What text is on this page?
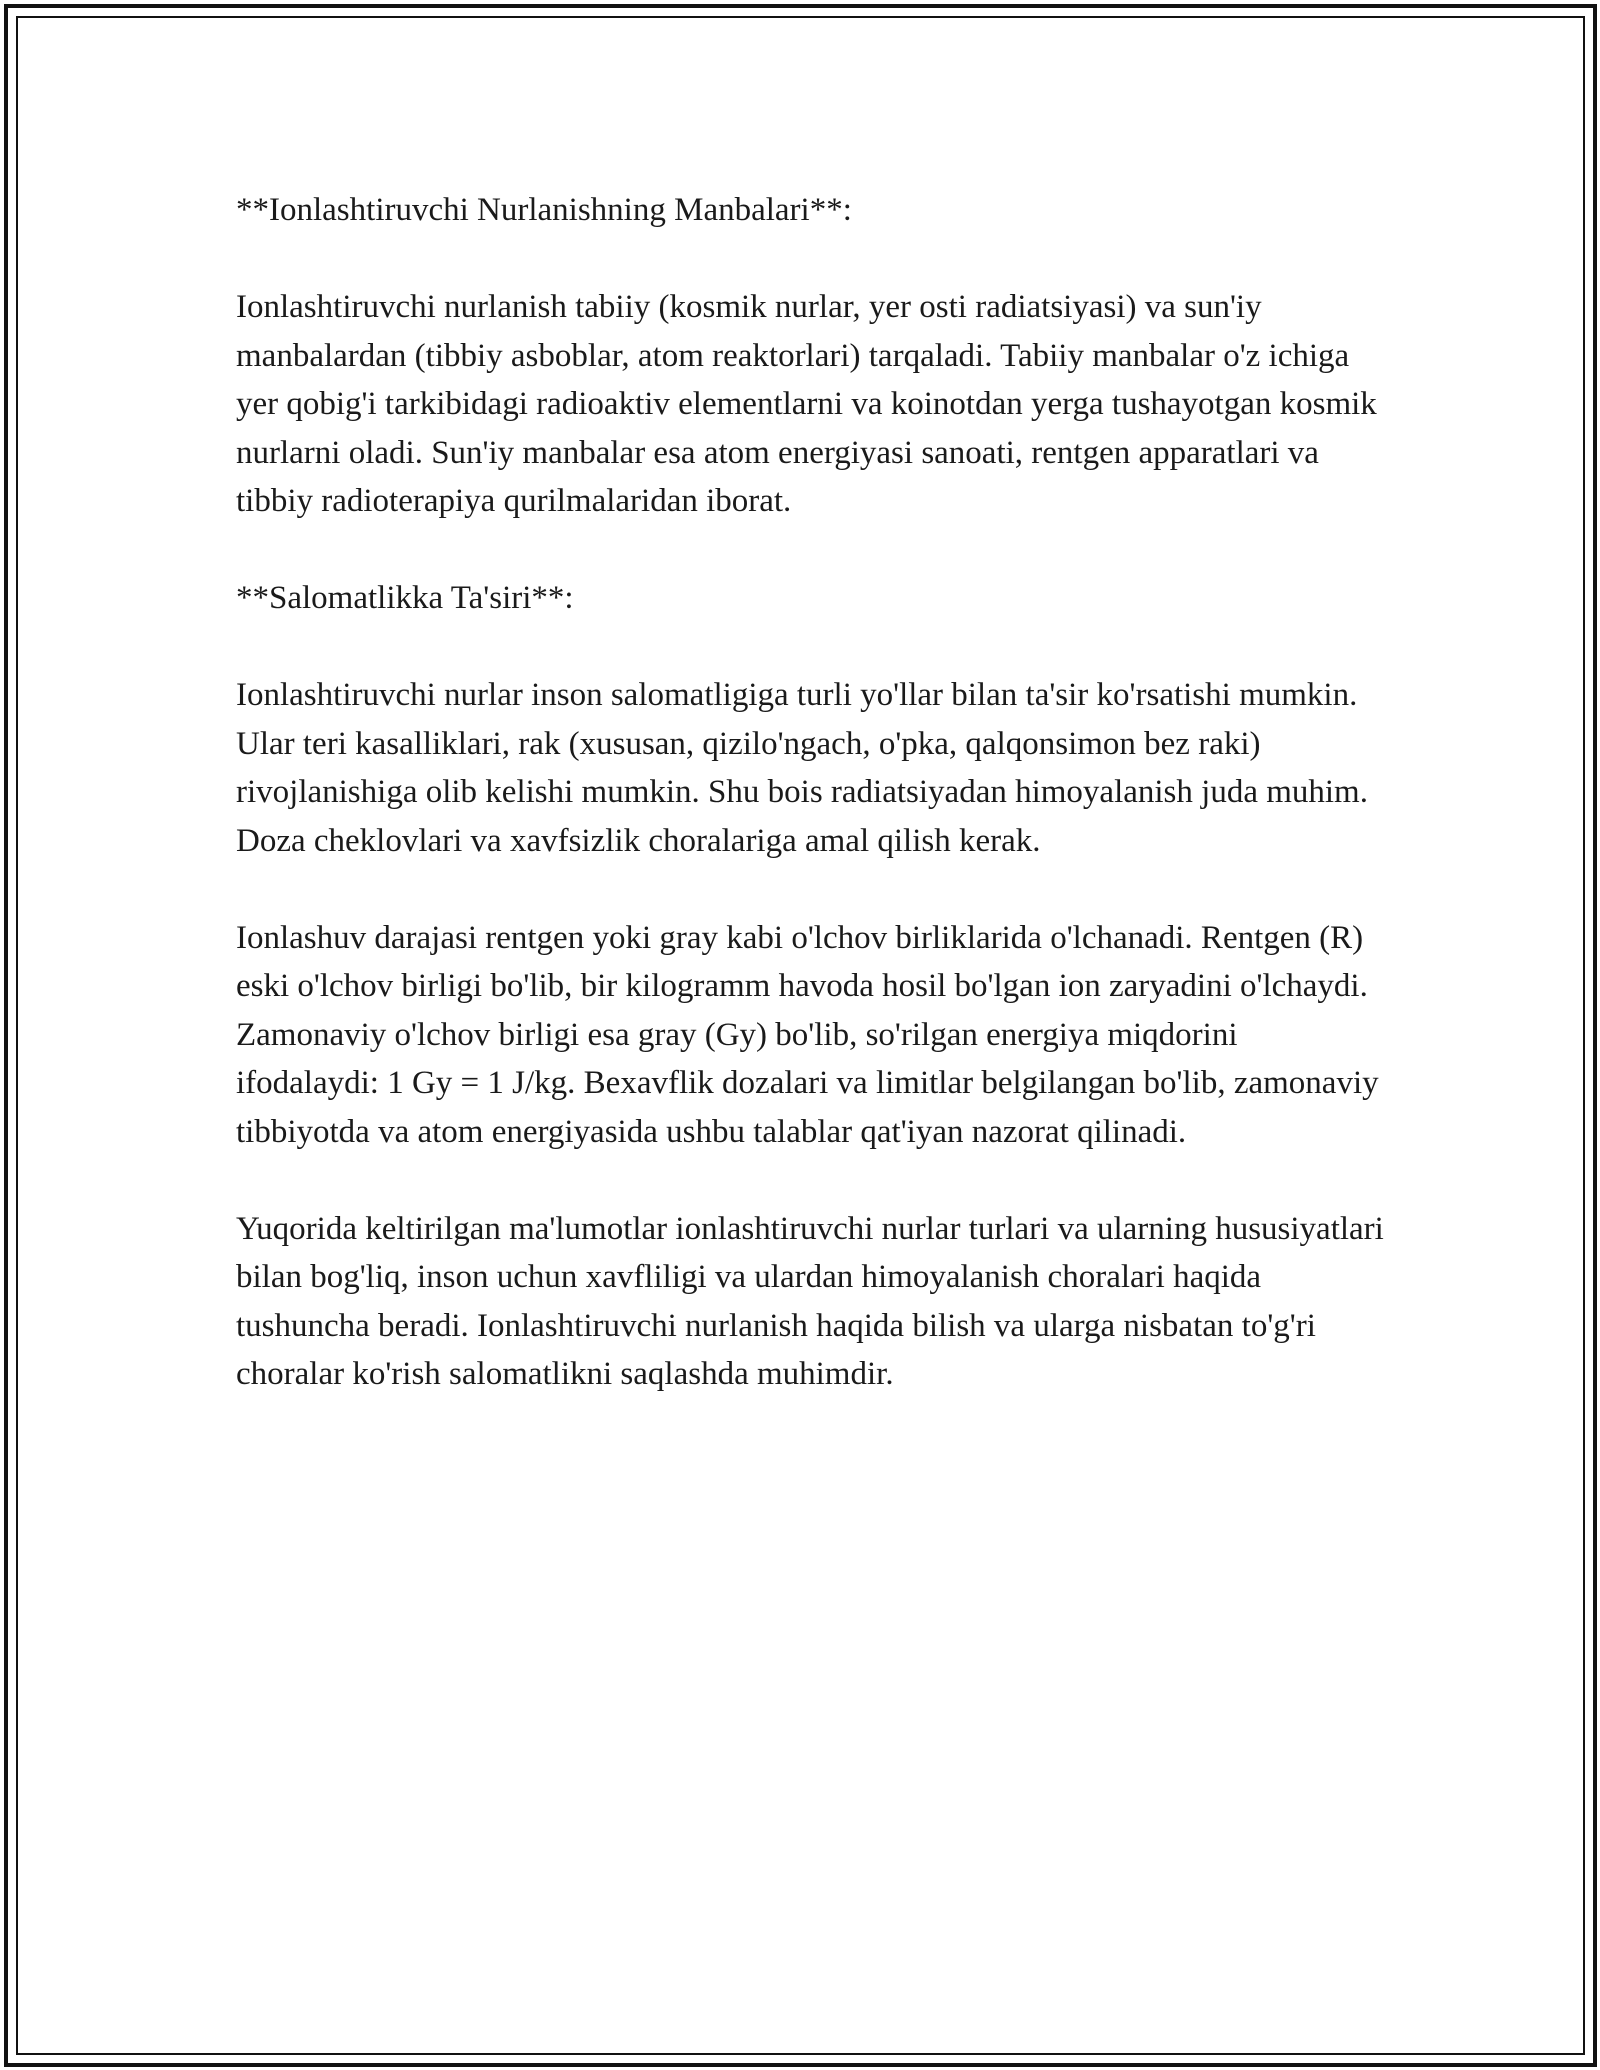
**Ionlashtiruvchi Nurlanishning Manbalari**:

Ionlashtiruvchi nurlanish tabiiy (kosmik nurlar, yer osti radiatsiyasi) va sun'iy manbalardan (tibbiy asboblar, atom reaktorlari) tarqaladi. Tabiiy manbalar o'z ichiga yer qobig'i tarkibidagi radioaktiv elementlarni va koinotdan yerga tushayotgan kosmik nurlarni oladi. Sun'iy manbalar esa atom energiyasi sanoati, rentgen apparatlari va tibbiy radioterapiya qurilmalaridan iborat.

**Salomatlikka Ta'siri**:

Ionlashtiruvchi nurlar inson salomatligiga turli yo'llar bilan ta'sir ko'rsatishi mumkin. Ular teri kasalliklari, rak (xususan, qizilo'ngach, o'pka, qalqonsimon bez raki) rivojlanishiga olib kelishi mumkin. Shu bois radiatsiyadan himoyalanish juda muhim. Doza cheklovlari va xavfsizlik choralariga amal qilish kerak.

Ionlashuv darajasi rentgen yoki gray kabi o'lchov birliklarida o'lchanadi. Rentgen (R) eski o'lchov birligi bo'lib, bir kilogramm havoda hosil bo'lgan ion zaryadini o'lchaydi. Zamonaviy o'lchov birligi esa gray (Gy) bo'lib, so'rilgan energiya miqdorini ifodalaydi: 1 Gy = 1 J/kg. Bexavflik dozalari va limitlar belgilangan bo'lib, zamonaviy tibbiyotda va atom energiyasida ushbu talablar qat'iyan nazorat qilinadi.

Yuqorida keltirilgan ma'lumotlar ionlashtiruvchi nurlar turlari va ularning hususiyatlari bilan bog'liq, inson uchun xavfliligi va ulardan himoyalanish choralari haqida tushuncha beradi. Ionlashtiruvchi nurlanish haqida bilish va ularga nisbatan to'g'ri choralar ko'rish salomatlikni saqlashda muhimdir.
